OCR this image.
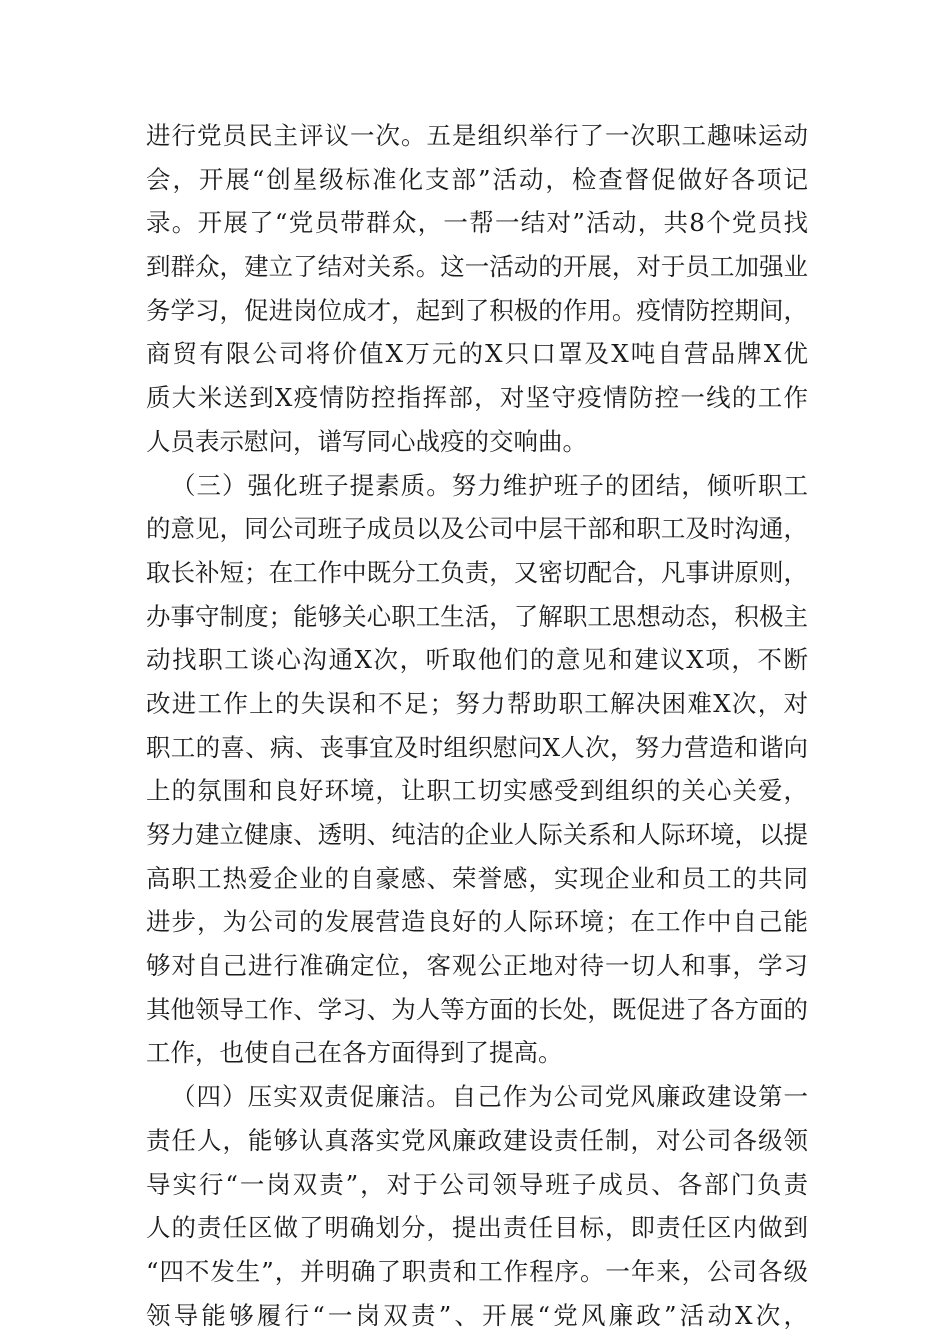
进行党员民主评议一次。五是组织举行了一次职工趣味运动
会，开展“创星级标准化支部”活动，检查督促做好各项记
录。开展了“党员带群众，一帮一结对”活动，共8个党员找
到群众，建立了结对关系。这一活动的开展，对于员工加强业
务学习，促进岗位成才，起到了积极的作用。疫情防控期间，
商贸有限公司将价值X万元的X只口罩及X吨自营品牌X优
质大米送到X疫情防控指挥部，对坚守疫情防控一线的工作
人员表示慰问，谱写同心战疫的交响曲。
（三）强化班子提素质。努力维护班子的团结，倾听职工
的意见，同公司班子成员以及公司中层干部和职工及时沟通，
取长补短；在工作中既分工负责，又密切配合，凡事讲原则，
办事守制度；能够关心职工生活，了解职工思想动态，积极主
动找职工谈心沟通X次，听取他们的意见和建议X项，不断
改进工作上的失误和不足；努力帮助职工解决困难X次，对
职工的喜、病、丧事宜及时组织慰问X人次，努力营造和谐向
上的氛围和良好环境，让职工切实感受到组织的关心关爱，
努力建立健康、透明、纯洁的企业人际关系和人际环境，以提
高职工热爱企业的自豪感、荣誉感，实现企业和员工的共同
进步，为公司的发展营造良好的人际环境；在工作中自己能
够对自己进行准确定位，客观公正地对待一切人和事，学习
其他领导工作、学习、为人等方面的长处，既促进了各方面的
工作，也使自己在各方面得到了提高。
（四）压实双责促廉洁。自己作为公司党风廉政建设第一
责任人，能够认真落实党风廉政建设责任制，对公司各级领
导实行“一岗双责”，对于公司领导班子成员、各部门负责
人的责任区做了明确划分，提出责任目标，即责任区内做到
“四不发生”，并明确了职责和工作程序。一年来，公司各级
领导能够履行“一岗双责”、开展“党风廉政”活动X次，
